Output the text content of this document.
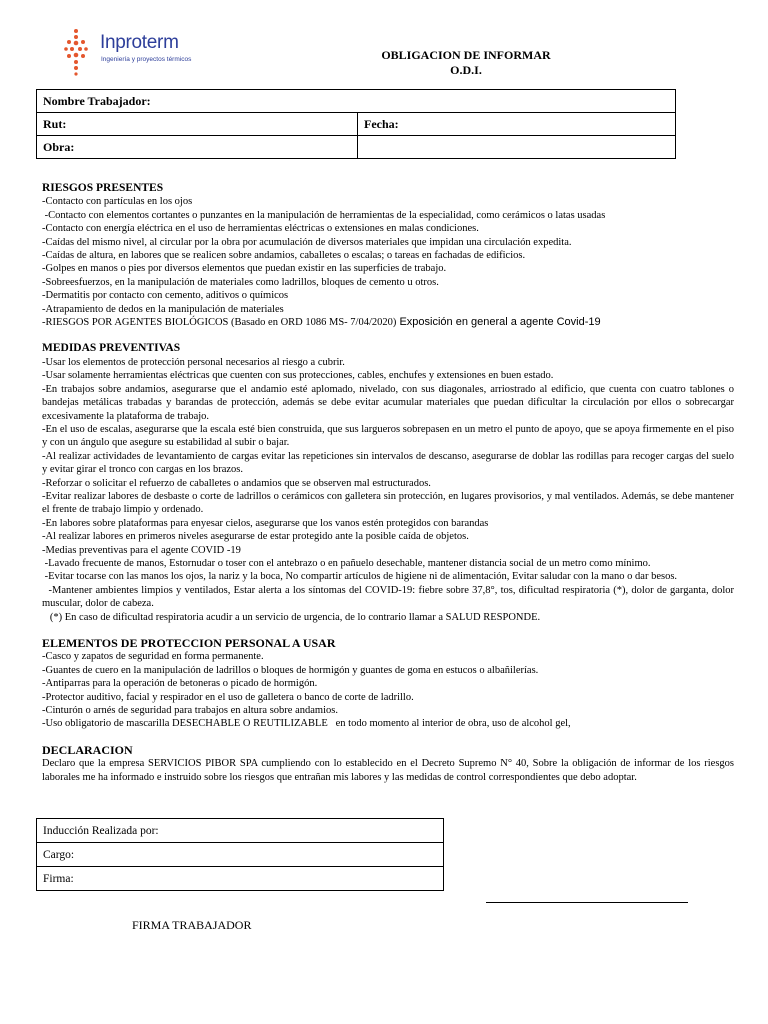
Inproterm
Ingeniería y proyectos térmicos	OBLIGACION DE INFORMAR
O.D.I.
Nombre Trabajador:	
Rut:	Fecha:
Obra:	
RIESGOS PRESENTES
-Contacto con partículas en los ojos
-Contacto con elementos cortantes o punzantes en la manipulación de herramientas de la especialidad, como cerámicos o latas usadas
-Contacto con energía eléctrica en el uso de herramientas eléctricas o extensiones en malas condiciones.
-Caídas del mismo nivel, al circular por la obra por acumulación de diversos materiales que impidan una circulación expedita.
-Caídas de altura, en labores que se realicen sobre andamios, caballetes o escalas; o tareas en fachadas de edificios.
-Golpes en manos o pies por diversos elementos que puedan existir en las superficies de trabajo.
-Sobreesfuerzos, en la manipulación de materiales como ladrillos, bloques de cemento u otros.
-Dermatitis por contacto con cemento, aditivos o químicos
-Atrapamiento de dedos en la manipulación de materiales
-RIESGOS POR AGENTES BIOLÓGICOS (Basado en ORD 1086 MS- 7/04/2020) Exposición en general a agente Covid-19
MEDIDAS PREVENTIVAS
-Usar los elementos de protección personal necesarios al riesgo a cubrir.
-Usar solamente herramientas eléctricas que cuenten con sus protecciones, cables, enchufes y extensiones en buen estado.
-En trabajos sobre andamios, asegurarse que el andamio esté aplomado, nivelado, con sus diagonales, arriostrado al edificio, que cuenta con cuatro tablones o bandejas metálicas trabadas y barandas de protección, además se debe evitar acumular materiales que puedan dificultar la circulación por ellos o sobrecargar excesivamente la plataforma de trabajo.
-En el uso de escalas, asegurarse que la escala esté bien construida, que sus largueros sobrepasen en un metro el punto de apoyo, que se apoya firmemente en el piso y con un ángulo que asegure su estabilidad al subir o bajar.
-Al realizar actividades de levantamiento de cargas evitar las repeticiones sin intervalos de descanso, asegurarse de doblar las rodillas para recoger cargas del suelo y evitar girar el tronco con cargas en los brazos.
-Reforzar o solicitar el refuerzo de caballetes o andamios que se observen mal estructurados.
-Evitar realizar labores de desbaste o corte de ladrillos o cerámicos con galletera sin protección, en lugares provisorios, y mal ventilados. Además, se debe mantener el frente de trabajo limpio y ordenado.
-En labores sobre plataformas para enyesar cielos, asegurarse que los vanos estén protegidos con barandas
-Al realizar labores en primeros niveles asegurarse de estar protegido ante la posible caída de objetos.
-Medias preventivas para el agente COVID -19
-Lavado frecuente de manos, Estornudar o toser con el antebrazo o en pañuelo desechable, mantener distancia social de un metro como mínimo.
-Evitar tocarse con las manos los ojos, la nariz y la boca, No compartir artículos de higiene ni de alimentación, Evitar saludar con la mano o dar besos.
-Mantener ambientes limpios y ventilados, Estar alerta a los síntomas del COVID-19: fiebre sobre 37,8°, tos, dificultad respiratoria (*), dolor de garganta, dolor muscular, dolor de cabeza.
(*) En caso de dificultad respiratoria acudir a un servicio de urgencia, de lo contrario llamar a SALUD RESPONDE.
ELEMENTOS DE PROTECCION PERSONAL A USAR
-Casco y zapatos de seguridad en forma permanente.
-Guantes de cuero en la manipulación de ladrillos o bloques de hormigón y guantes de goma en estucos o albañilerías.
-Antiparras para la operación de betoneras o picado de hormigón.
-Protector auditivo, facial y respirador en el uso de galletera o banco de corte de ladrillo.
-Cinturón o arnés de seguridad para trabajos en altura sobre andamios.
-Uso obligatorio de mascarilla DESECHABLE O REUTILIZABLE   en todo momento al interior de obra, uso de alcohol gel,
DECLARACION
Declaro que la empresa SERVICIOS PIBOR SPA cumpliendo con lo establecido en el Decreto Supremo N° 40, Sobre la obligación de informar de los riesgos laborales me ha informado e instruido sobre los riesgos que entrañan mis labores y las medidas de control correspondientes que debo adoptar.
Inducción Realizada por:
Cargo:
Firma:
FIRMA TRABAJADOR
